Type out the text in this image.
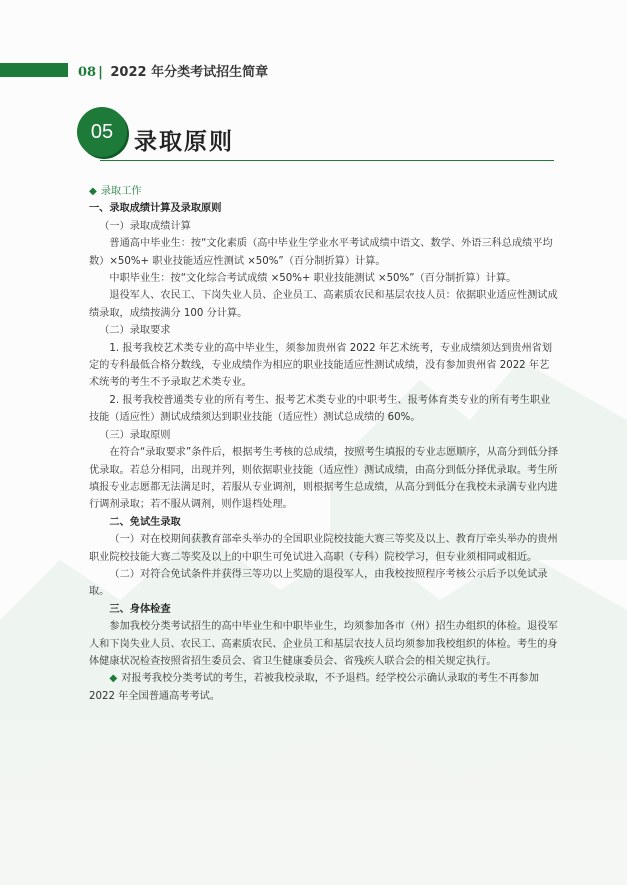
08 | 2022 年分类考试招生简章
05 录取原则

◆ 录取工作

一、录取成绩计算及录取原则

（一）录取成绩计算

普通高中毕业生：按“文化素质（高中毕业生学业水平考试成绩中语文、数学、外语三科总成绩平均数）×50%+ 职业技能适应性测试 ×50%”（百分制折算）计算。

中职毕业生：按“文化综合考试成绩 ×50%+ 职业技能测试 ×50%”（百分制折算）计算。

退役军人、农民工、下岗失业人员、企业员工、高素质农民和基层农技人员：依据职业适应性测试成绩录取，成绩按满分 100 分计算。

（二）录取要求

1. 报考我校艺术类专业的高中毕业生，须参加贵州省 2022 年艺术统考，专业成绩须达到贵州省划定的专科最低合格分数线，专业成绩作为相应的职业技能适应性测试成绩，没有参加贵州省 2022 年艺术统考的考生不予录取艺术类专业。

2. 报考我校普通类专业的所有考生、报考艺术类专业的中职考生、报考体育类专业的所有考生职业技能（适应性）测试成绩须达到职业技能（适应性）测试总成绩的 60%。

（三）录取原则

在符合“录取要求”条件后，根据考生考核的总成绩，按照考生填报的专业志愿顺序，从高分到低分择优录取。若总分相同，出现并列，则依据职业技能（适应性）测试成绩，由高分到低分择优录取。考生所填报专业志愿都无法满足时，若服从专业调剂，则根据考生总成绩，从高分到低分在我校未录满专业内进行调剂录取；若不服从调剂，则作退档处理。

二、免试生录取

（一）对在校期间获教育部牵头举办的全国职业院校技能大赛三等奖及以上、教育厅牵头举办的贵州职业院校技能大赛二等奖及以上的中职生可免试进入高职（专科）院校学习，但专业须相同或相近。

（二）对符合免试条件并获得三等功以上奖励的退役军人，由我校按照程序考核公示后予以免试录取。

三、身体检查

参加我校分类考试招生的高中毕业生和中职毕业生，均须参加各市（州）招生办组织的体检。退役军人和下岗失业人员、农民工、高素质农民、企业员工和基层农技人员均须参加我校组织的体检。考生的身体健康状况检查按照省招生委员会、省卫生健康委员会、省残疾人联合会的相关规定执行。

◆ 对报考我校分类考试的考生，若被我校录取，不予退档。经学校公示确认录取的考生不再参加 2022 年全国普通高考考试。
